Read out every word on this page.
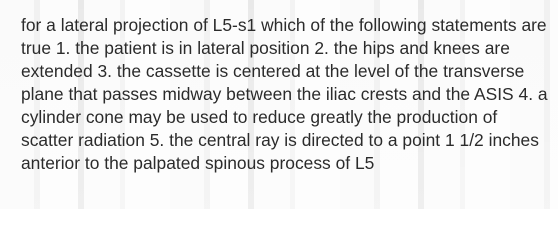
for a lateral projection of L5-s1 which of the following statements are true 1. the patient is in lateral position 2. the hips and knees are extended 3. the cassette is centered at the level of the transverse plane that passes midway between the iliac crests and the ASIS 4. a cylinder cone may be used to reduce greatly the production of scatter radiation 5. the central ray is directed to a point 1 1/2 inches anterior to the palpated spinous process of L5
